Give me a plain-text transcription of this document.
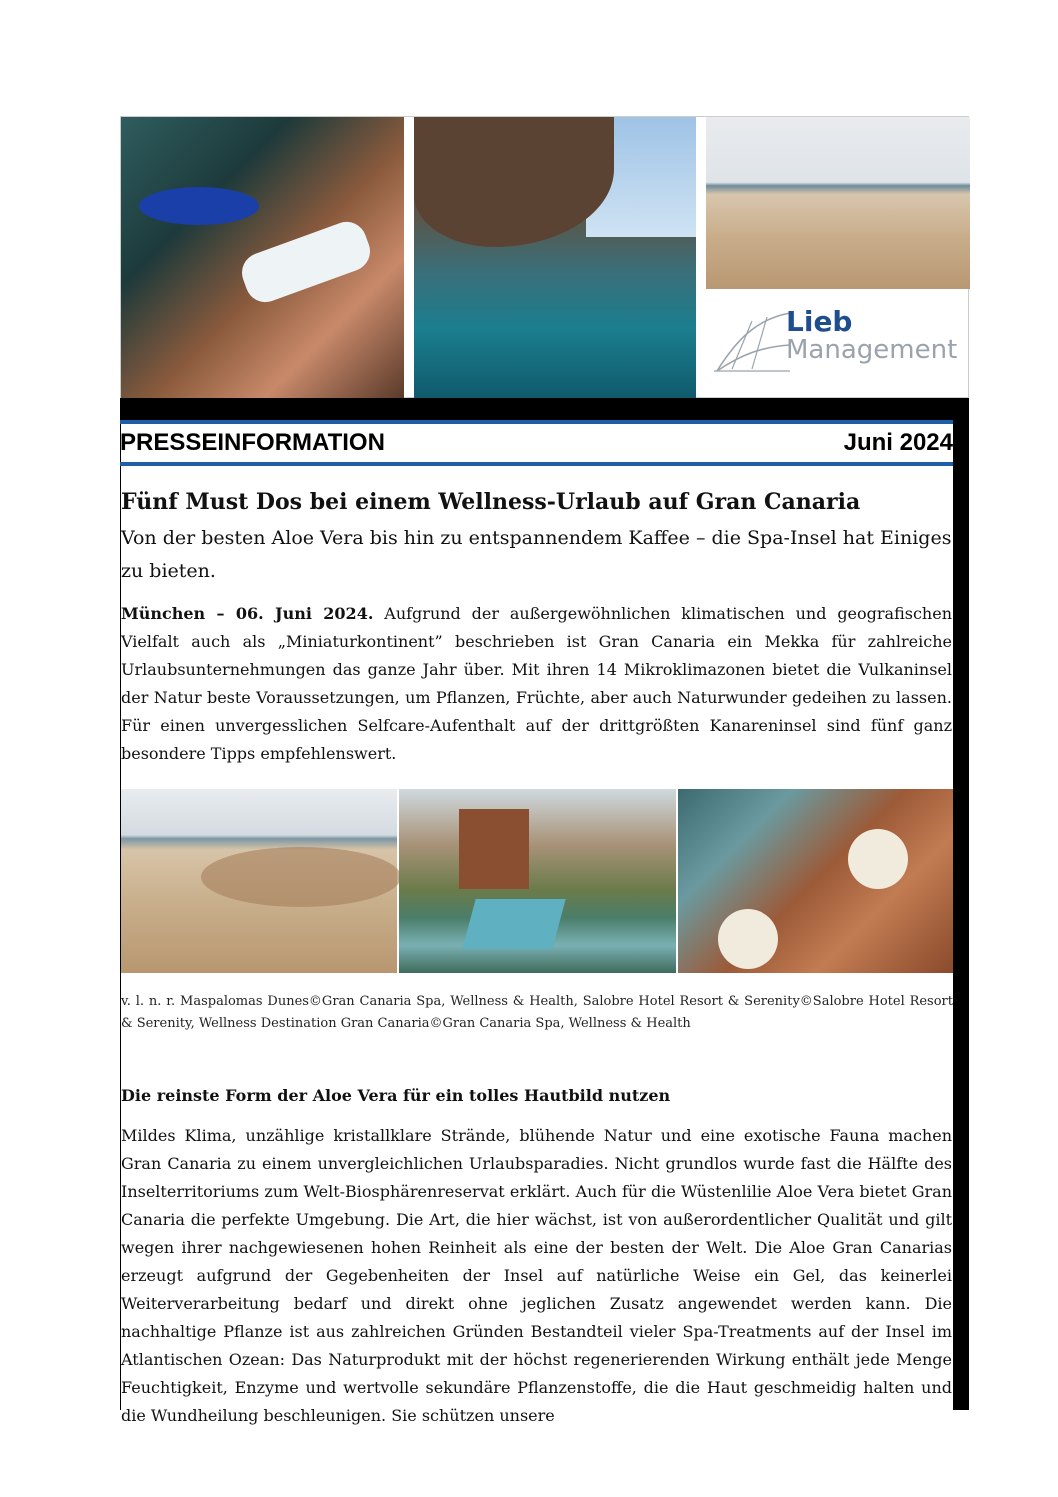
Lieb
Management
PRESSEINFORMATION	Juni 2024
Fünf Must Dos bei einem Wellness-Urlaub auf Gran Canaria

Von der besten Aloe Vera bis hin zu entspannendem Kaffee – die Spa-Insel hat Einiges zu bieten.

München – 06. Juni 2024. Aufgrund der außergewöhnlichen klimatischen und geografischen Vielfalt auch als „Miniaturkontinent” beschrieben ist Gran Canaria ein Mekka für zahlreiche Urlaubsunternehmungen das ganze Jahr über. Mit ihren 14 Mikroklimazonen bietet die Vulkaninsel der Natur beste Voraussetzungen, um Pflanzen, Früchte, aber auch Naturwunder gedeihen zu lassen. Für einen unvergesslichen Selfcare-Aufenthalt auf der drittgrößten Kanareninsel sind fünf ganz besondere Tipps empfehlenswert.

v. l. n. r. Maspalomas Dunes©Gran Canaria Spa, Wellness & Health, Salobre Hotel Resort & Serenity©Salobre Hotel Resort & Serenity, Wellness Destination Gran Canaria©Gran Canaria Spa, Wellness & Health

Die reinste Form der Aloe Vera für ein tolles Hautbild nutzen

Mildes Klima, unzählige kristallklare Strände, blühende Natur und eine exotische Fauna machen Gran Canaria zu einem unvergleichlichen Urlaubsparadies. Nicht grundlos wurde fast die Hälfte des Inselterritoriums zum Welt-Biosphärenreservat erklärt. Auch für die Wüstenlilie Aloe Vera bietet Gran Canaria die perfekte Umgebung. Die Art, die hier wächst, ist von außerordentlicher Qualität und gilt wegen ihrer nachgewiesenen hohen Reinheit als eine der besten der Welt. Die Aloe Gran Canarias erzeugt aufgrund der Gegebenheiten der Insel auf natürliche Weise ein Gel, das keinerlei Weiterverarbeitung bedarf und direkt ohne jeglichen Zusatz angewendet werden kann. Die nachhaltige Pflanze ist aus zahlreichen Gründen Bestandteil vieler Spa-Treatments auf der Insel im Atlantischen Ozean: Das Naturprodukt mit der höchst regenerierenden Wirkung enthält jede Menge Feuchtigkeit, Enzyme und wertvolle sekundäre Pflanzenstoffe, die die Haut geschmeidig halten und die Wundheilung beschleunigen. Sie schützen unsere
